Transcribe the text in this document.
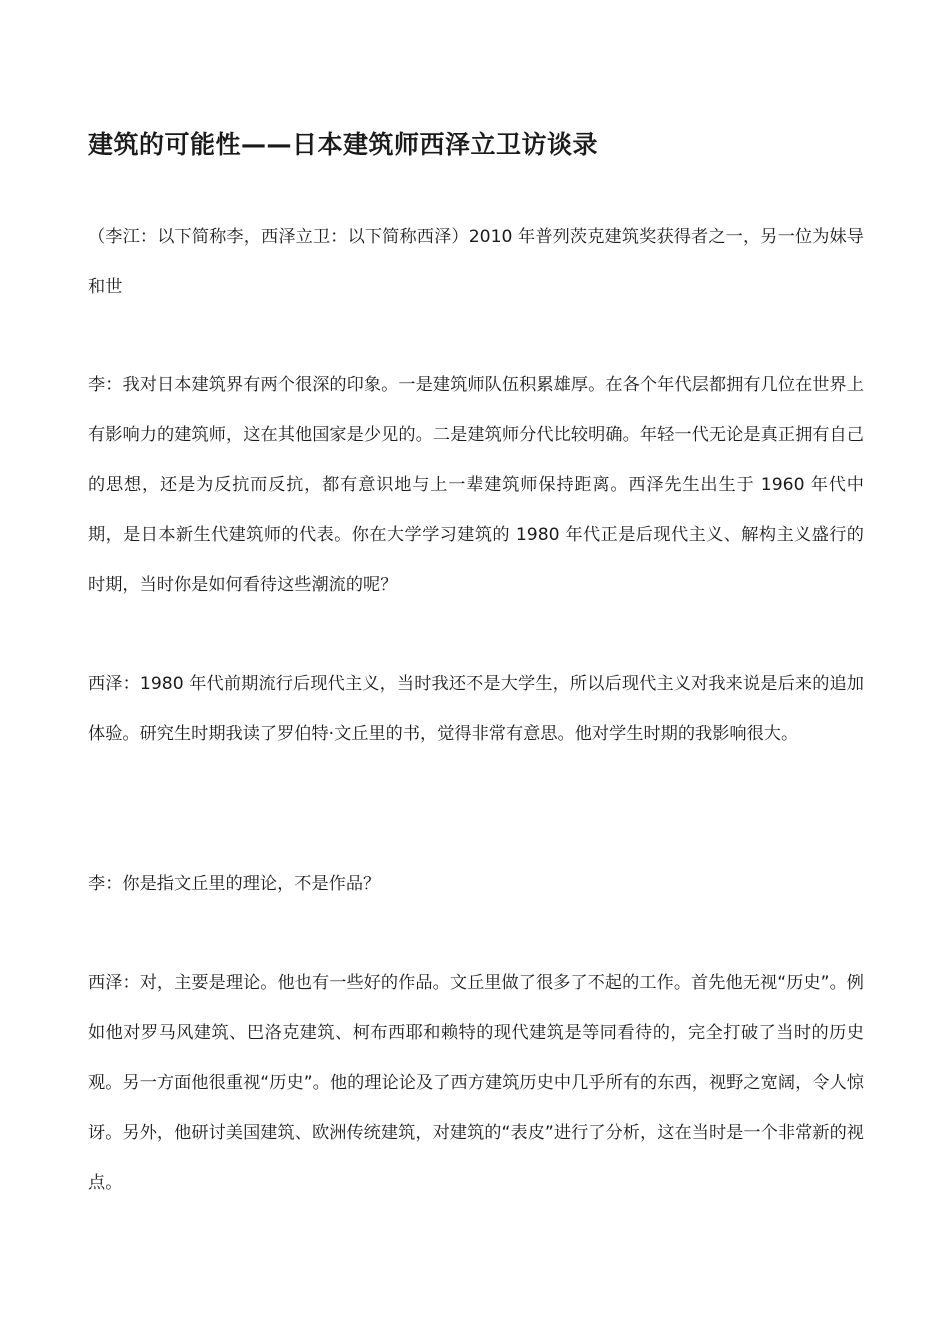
建筑的可能性——日本建筑师西泽立卫访谈录

（李江：以下简称李，西泽立卫：以下简称西泽）2010 年普列茨克建筑奖获得者之一，另一位为妹导和世

李：我对日本建筑界有两个很深的印象。一是建筑师队伍积累雄厚。在各个年代层都拥有几位在世界上有影响力的建筑师，这在其他国家是少见的。二是建筑师分代比较明确。年轻一代无论是真正拥有自己的思想，还是为反抗而反抗，都有意识地与上一辈建筑师保持距离。西泽先生出生于 1960 年代中期，是日本新生代建筑师的代表。你在大学学习建筑的 1980 年代正是后现代主义、解构主义盛行的时期，当时你是如何看待这些潮流的呢？

西泽：1980 年代前期流行后现代主义，当时我还不是大学生，所以后现代主义对我来说是后来的追加体验。研究生时期我读了罗伯特·文丘里的书，觉得非常有意思。他对学生时期的我影响很大。

李：你是指文丘里的理论，不是作品？

西泽：对，主要是理论。他也有一些好的作品。文丘里做了很多了不起的工作。首先他无视“历史”。例如他对罗马风建筑、巴洛克建筑、柯布西耶和赖特的现代建筑是等同看待的，完全打破了当时的历史观。另一方面他很重视“历史”。他的理论论及了西方建筑历史中几乎所有的东西，视野之宽阔，令人惊讶。另外，他研讨美国建筑、欧洲传统建筑，对建筑的“表皮”进行了分析，这在当时是一个非常新的视点。
